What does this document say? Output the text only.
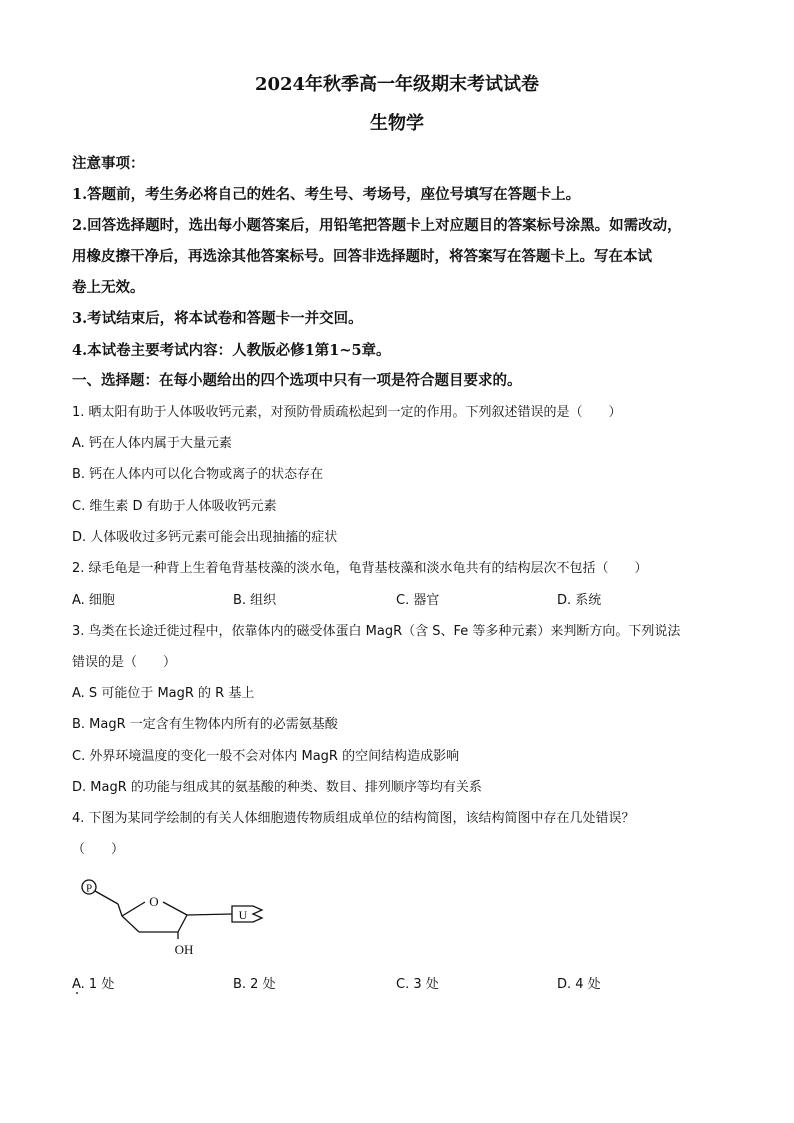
2024年秋季高一年级期末考试试卷
生物学
注意事项：
1.答题前，考生务必将自己的姓名、考生号、考场号，座位号填写在答题卡上。
2.回答选择题时，选出每小题答案后，用铅笔把答题卡上对应题目的答案标号涂黑。如需改动，
用橡皮擦干净后，再选涂其他答案标号。回答非选择题时，将答案写在答题卡上。写在本试
卷上无效。
3.考试结束后，将本试卷和答题卡一并交回。
4.本试卷主要考试内容：人教版必修1第1~5章。
一、选择题：在每小题给出的四个选项中只有一项是符合题目要求的。
1. 晒太阳有助于人体吸收钙元素，对预防骨质疏松起到一定的作用。下列叙述错误的是（　　）
A. 钙在人体内属于大量元素
B. 钙在人体内可以化合物或离子的状态存在
C. 维生素 D 有助于人体吸收钙元素
D. 人体吸收过多钙元素可能会出现抽搐的症状
2. 绿毛龟是一种背上生着龟背基枝藻的淡水龟，龟背基枝藻和淡水龟共有的结构层次不包括（　　）
A. 细胞	B. 组织	C. 器官	D. 系统
3. 鸟类在长途迁徙过程中，依靠体内的磁受体蛋白 MagR（含 S、Fe 等多种元素）来判断方向。下列说法
错误的是（　　）
A. S 可能位于 MagR 的 R 基上
B. MagR 一定含有生物体内所有的必需氨基酸
C. 外界环境温度的变化一般不会对体内 MagR 的空间结构造成影响
D. MagR 的功能与组成其的氨基酸的种类、数目、排列顺序等均有关系
4. 下图为某同学绘制的有关人体细胞遗传物质组成单位的结构简图，该结构简图中存在几处错误？
（　　）
P
O
OH
U
A. 1 处	B. 2 处	C. 3 处	D. 4 处
